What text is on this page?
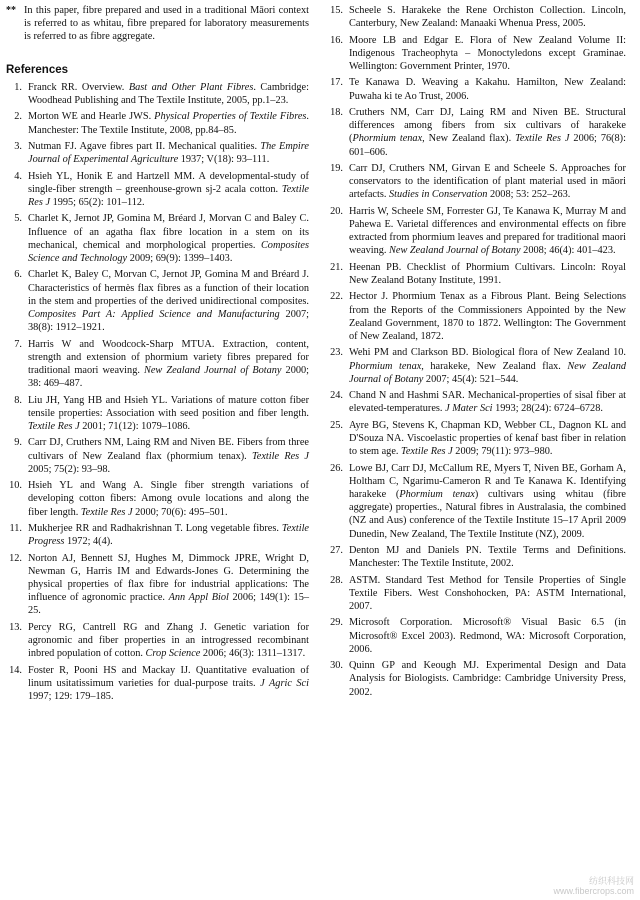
** In this paper, fibre prepared and used in a traditional Māori context is referred to as whitau, fibre prepared for laboratory measurements is referred to as fibre aggregate.
References
1. Franck RR. Overview. Bast and Other Plant Fibres. Cambridge: Woodhead Publishing and The Textile Institute, 2005, pp.1–23.
2. Morton WE and Hearle JWS. Physical Properties of Textile Fibres. Manchester: The Textile Institute, 2008, pp.84–85.
3. Nutman FJ. Agave fibres part II. Mechanical qualities. The Empire Journal of Experimental Agriculture 1937; V(18): 93–111.
4. Hsieh YL, Honik E and Hartzell MM. A developmental-study of single-fiber strength – greenhouse-grown sj-2 acala cotton. Textile Res J 1995; 65(2): 101–112.
5. Charlet K, Jernot JP, Gomina M, Bréard J, Morvan C and Baley C. Influence of an agatha flax fibre location in a stem on its mechanical, chemical and morphological properties. Composites Science and Technology 2009; 69(9): 1399–1403.
6. Charlet K, Baley C, Morvan C, Jernot JP, Gomina M and Bréard J. Characteristics of hermès flax fibres as a function of their location in the stem and properties of the derived unidirectional composites. Composites Part A: Applied Science and Manufacturing 2007; 38(8): 1912–1921.
7. Harris W and Woodcock-Sharp MTUA. Extraction, content, strength and extension of phormium variety fibres prepared for traditional maori weaving. New Zealand Journal of Botany 2000; 38: 469–487.
8. Liu JH, Yang HB and Hsieh YL. Variations of mature cotton fiber tensile properties: Association with seed position and fiber length. Textile Res J 2001; 71(12): 1079–1086.
9. Carr DJ, Cruthers NM, Laing RM and Niven BE. Fibers from three cultivars of New Zealand flax (phormium tenax). Textile Res J 2005; 75(2): 93–98.
10. Hsieh YL and Wang A. Single fiber strength variations of developing cotton fibers: Among ovule locations and along the fiber length. Textile Res J 2000; 70(6): 495–501.
11. Mukherjee RR and Radhakrishnan T. Long vegetable fibres. Textile Progress 1972; 4(4).
12. Norton AJ, Bennett SJ, Hughes M, Dimmock JPRE, Wright D, Newman G, Harris IM and Edwards-Jones G. Determining the physical properties of flax fibre for industrial applications: The influence of agronomic practice. Ann Appl Biol 2006; 149(1): 15–25.
13. Percy RG, Cantrell RG and Zhang J. Genetic variation for agronomic and fiber properties in an introgressed recombinant inbred population of cotton. Crop Science 2006; 46(3): 1311–1317.
14. Foster R, Pooni HS and Mackay IJ. Quantitative evaluation of linum usitatissimum varieties for dual-purpose traits. J Agric Sci 1997; 129: 179–185.
15. Scheele S. Harakeke the Rene Orchiston Collection. Lincoln, Canterbury, New Zealand: Manaaki Whenua Press, 2005.
16. Moore LB and Edgar E. Flora of New Zealand Volume II: Indigenous Tracheophyta – Monoctyledons except Graminae. Wellington: Government Printer, 1970.
17. Te Kanawa D. Weaving a Kakahu. Hamilton, New Zealand: Puwaha ki te Ao Trust, 2006.
18. Cruthers NM, Carr DJ, Laing RM and Niven BE. Structural differences among fibers from six cultivars of harakeke (Phormium tenax, New Zealand flax). Textile Res J 2006; 76(8): 601–606.
19. Carr DJ, Cruthers NM, Girvan E and Scheele S. Approaches for conservators to the identification of plant material used in māori artefacts. Studies in Conservation 2008; 53: 252–263.
20. Harris W, Scheele SM, Forrester GJ, Te Kanawa K, Murray M and Pahewa E. Varietal differences and environmental effects on fibre extracted from phormium leaves and prepared for traditional maori weaving. New Zealand Journal of Botany 2008; 46(4): 401–423.
21. Heenan PB. Checklist of Phormium Cultivars. Lincoln: Royal New Zealand Botany Institute, 1991.
22. Hector J. Phormium Tenax as a Fibrous Plant. Being Selections from the Reports of the Commissioners Appointed by the New Zealand Government, 1870 to 1872. Wellington: The Government of New Zealand, 1872.
23. Wehi PM and Clarkson BD. Biological flora of New Zealand 10. Phormium tenax, harakeke, New Zealand flax. New Zealand Journal of Botany 2007; 45(4): 521–544.
24. Chand N and Hashmi SAR. Mechanical-properties of sisal fiber at elevated-temperatures. J Mater Sci 1993; 28(24): 6724–6728.
25. Ayre BG, Stevens K, Chapman KD, Webber CL, Dagnon KL and D'Souza NA. Viscoelastic properties of kenaf bast fiber in relation to stem age. Textile Res J 2009; 79(11): 973–980.
26. Lowe BJ, Carr DJ, McCallum RE, Myers T, Niven BE, Gorham A, Holtham C, Ngarimu-Cameron R and Te Kanawa K. Identifying harakeke (Phormium tenax) cultivars using whitau (fibre aggregate) properties., Natural fibres in Australasia, the combined (NZ and Aus) conference of the Textile Institute 15–17 April 2009 Dunedin, New Zealand, The Textile Institute (NZ), 2009.
27. Denton MJ and Daniels PN. Textile Terms and Definitions. Manchester: The Textile Institute, 2002.
28. ASTM. Standard Test Method for Tensile Properties of Single Textile Fibers. West Conshohocken, PA: ASTM International, 2007.
29. Microsoft Corporation. Microsoft® Visual Basic 6.5 (in Microsoft® Excel 2003). Redmond, WA: Microsoft Corporation, 2006.
30. Quinn GP and Keough MJ. Experimental Design and Data Analysis for Biologists. Cambridge: Cambridge University Press, 2002.
纺织科技网
www.fibercrops.com
